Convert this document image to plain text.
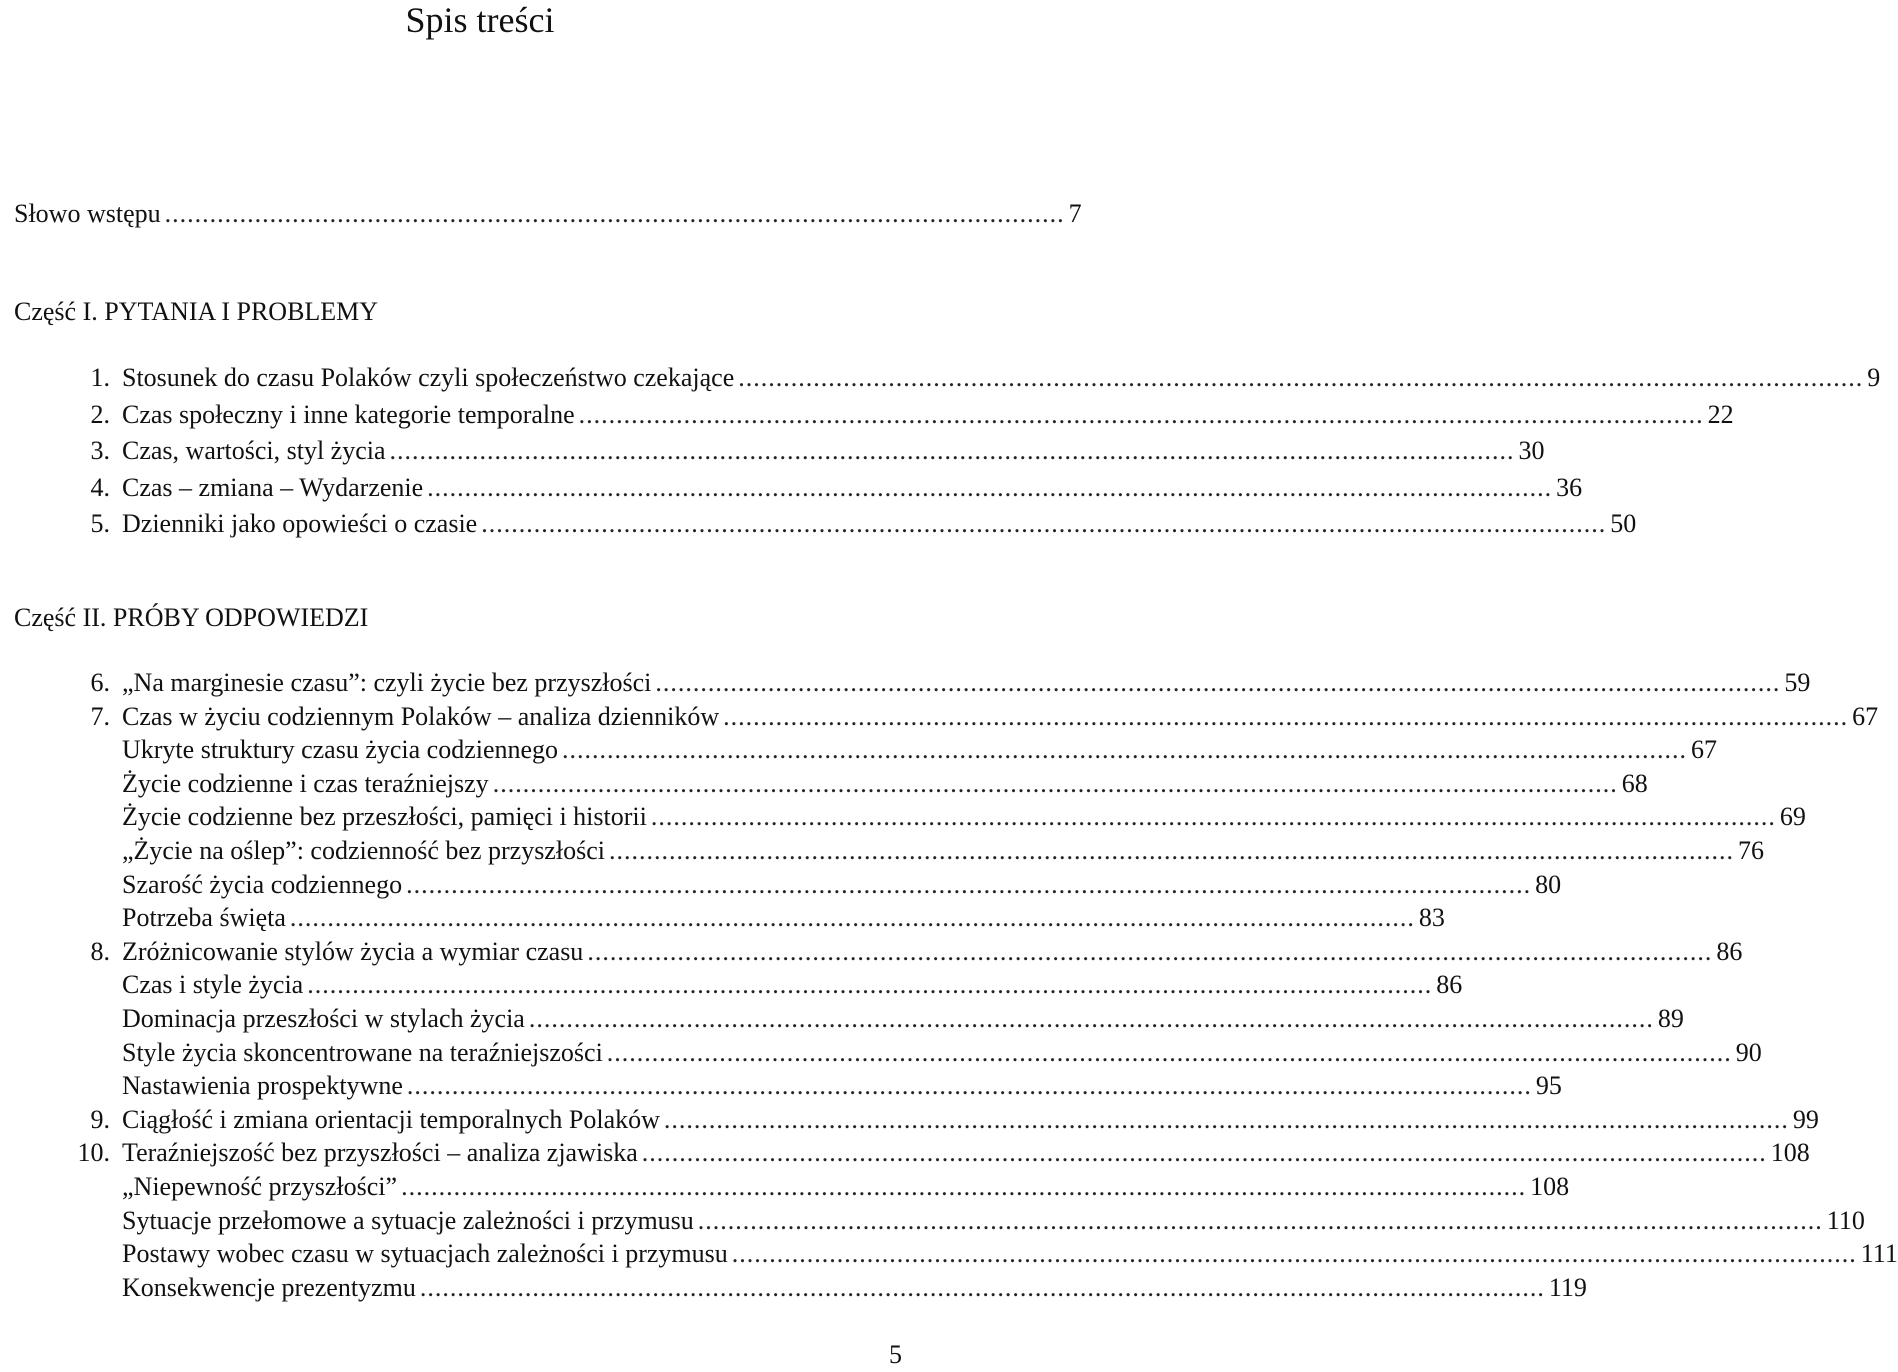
Spis treści
Słowo wstępu ........................................................................................................................ 7
Część I. PYTANIA I PROBLEMY
1. Stosunek do czasu Polaków czyli społeczeństwo czekające ...................................................................................................................................................... 9
2. Czas społeczny i inne kategorie temporalne ...................................................................................................................................................... 22
3. Czas, wartości, styl życia ...................................................................................................................................................... 30
4. Czas – zmiana – Wydarzenie ...................................................................................................................................................... 36
5. Dzienniki jako opowieści o czasie ...................................................................................................................................................... 50
Część II. PRÓBY ODPOWIEDZI
6. „Na marginesie czasu”: czyli życie bez przyszłości ...................................................................................................................................................... 59
7. Czas w życiu codziennym Polaków – analiza dzienników ...................................................................................................................................................... 67
Ukryte struktury czasu życia codziennego ...................................................................................................................................................... 67
Życie codzienne i czas teraźniejszy ...................................................................................................................................................... 68
Życie codzienne bez przeszłości, pamięci i historii ...................................................................................................................................................... 69
„Życie na oślep”: codzienność bez przyszłości ...................................................................................................................................................... 76
Szarość życia codziennego ...................................................................................................................................................... 80
Potrzeba święta ...................................................................................................................................................... 83
8. Zróżnicowanie stylów życia a wymiar czasu ...................................................................................................................................................... 86
Czas i style życia ...................................................................................................................................................... 86
Dominacja przeszłości w stylach życia ...................................................................................................................................................... 89
Style życia skoncentrowane na teraźniejszości ...................................................................................................................................................... 90
Nastawienia prospektywne ...................................................................................................................................................... 95
9. Ciągłość i zmiana orientacji temporalnych Polaków ...................................................................................................................................................... 99
10. Teraźniejszość bez przyszłości – analiza zjawiska ...................................................................................................................................................... 108
„Niepewność przyszłości” ...................................................................................................................................................... 108
Sytuacje przełomowe a sytuacje zależności i przymusu ...................................................................................................................................................... 110
Postawy wobec czasu w sytuacjach zależności i przymusu ...................................................................................................................................................... 111
Konsekwencje prezentyzmu ...................................................................................................................................................... 119
5
